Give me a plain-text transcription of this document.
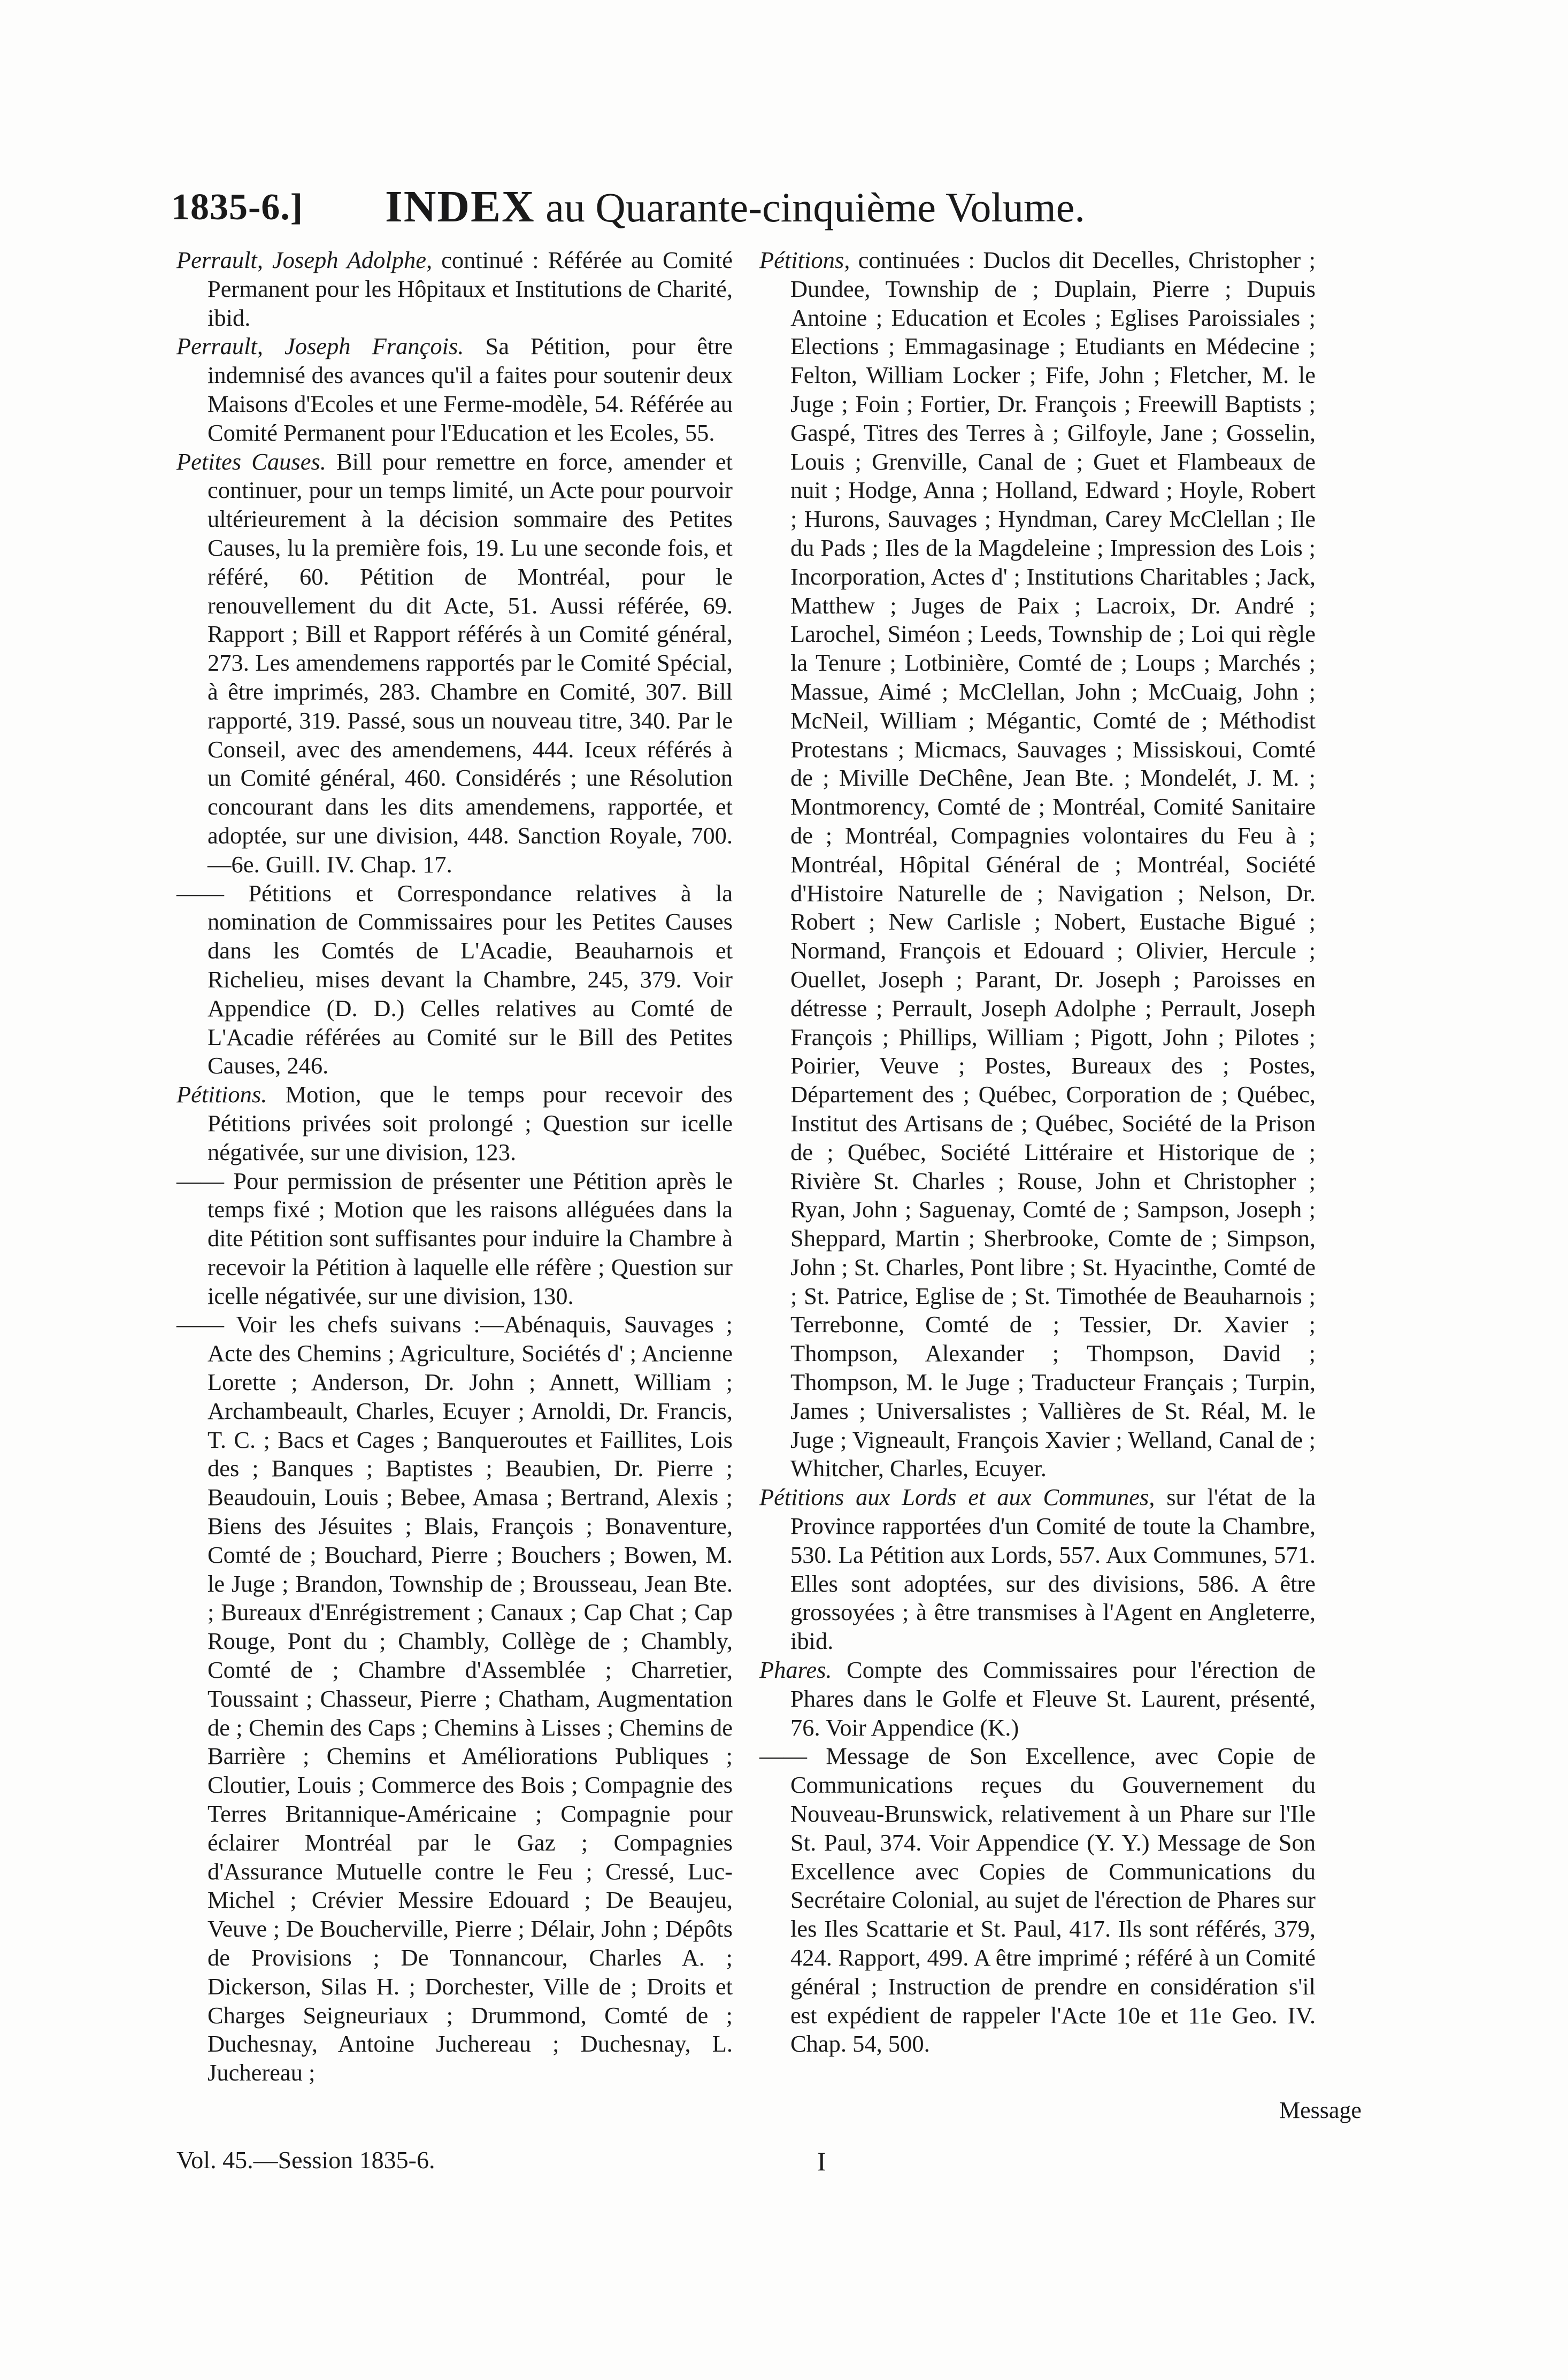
1835-6.] INDEX au Quarante-cinquième Volume.

Perrault, Joseph Adolphe, continué : Référée au Comité Permanent pour les Hôpitaux et Institutions de Charité, ibid.

Perrault, Joseph François. Sa Pétition, pour être indemnisé des avances qu'il a faites pour soutenir deux Maisons d'Ecoles et une Ferme-modèle, 54. Référée au Comité Permanent pour l'Education et les Ecoles, 55.

Petites Causes. Bill pour remettre en force, amender et continuer, pour un temps limité, un Acte pour pourvoir ultérieurement à la décision sommaire des Petites Causes, lu la première fois, 19. Lu une seconde fois, et référé, 60. Pétition de Montréal, pour le renouvellement du dit Acte, 51. Aussi référée, 69. Rapport ; Bill et Rapport référés à un Comité général, 273. Les amendemens rapportés par le Comité Spécial, à être imprimés, 283. Chambre en Comité, 307. Bill rapporté, 319. Passé, sous un nouveau titre, 340. Par le Conseil, avec des amendemens, 444. Iceux référés à un Comité général, 460. Considérés ; une Résolution concourant dans les dits amendemens, rapportée, et adoptée, sur une division, 448. Sanction Royale, 700.—6e. Guill. IV. Chap. 17.

—— Pétitions et Correspondance relatives à la nomination de Commissaires pour les Petites Causes dans les Comtés de L'Acadie, Beauharnois et Richelieu, mises devant la Chambre, 245, 379. Voir Appendice (D. D.) Celles relatives au Comté de L'Acadie référées au Comité sur le Bill des Petites Causes, 246.

Pétitions. Motion, que le temps pour recevoir des Pétitions privées soit prolongé ; Question sur icelle négativée, sur une division, 123.

—— Pour permission de présenter une Pétition après le temps fixé ; Motion que les raisons alléguées dans la dite Pétition sont suffisantes pour induire la Chambre à recevoir la Pétition à laquelle elle réfère ; Question sur icelle négativée, sur une division, 130.

—— Voir les chefs suivans :—Abénaquis, Sauvages ; Acte des Chemins ; Agriculture, Sociétés d' ; Ancienne Lorette ; Anderson, Dr. John ; Annett, William ; Archambeault, Charles, Ecuyer ; Arnoldi, Dr. Francis, T. C. ; Bacs et Cages ; Banqueroutes et Faillites, Lois des ; Banques ; Baptistes ; Beaubien, Dr. Pierre ; Beaudouin, Louis ; Bebee, Amasa ; Bertrand, Alexis ; Biens des Jésuites ; Blais, François ; Bonaventure, Comté de ; Bouchard, Pierre ; Bouchers ; Bowen, M. le Juge ; Brandon, Township de ; Brousseau, Jean Bte. ; Bureaux d'Enrégistrement ; Canaux ; Cap Chat ; Cap Rouge, Pont du ; Chambly, Collège de ; Chambly, Comté de ; Chambre d'Assemblée ; Charretier, Toussaint ; Chasseur, Pierre ; Chatham, Augmentation de ; Chemin des Caps ; Chemins à Lisses ; Chemins de Barrière ; Chemins et Améliorations Publiques ; Cloutier, Louis ; Commerce des Bois ; Compagnie des Terres Britannique-Américaine ; Compagnie pour éclairer Montréal par le Gaz ; Compagnies d'Assurance Mutuelle contre le Feu ; Cressé, Luc-Michel ; Crévier Messire Edouard ; De Beaujeu, Veuve ; De Boucherville, Pierre ; Délair, John ; Dépôts de Provisions ; De Tonnancour, Charles A. ; Dickerson, Silas H. ; Dorchester, Ville de ; Droits et Charges Seigneuriaux ; Drummond, Comté de ; Duchesnay, Antoine Juchereau ; Duchesnay, L. Juchereau ;

Pétitions, continuées : Duclos dit Decelles, Christopher ; Dundee, Township de ; Duplain, Pierre ; Dupuis Antoine ; Education et Ecoles ; Eglises Paroissiales ; Elections ; Emmagasinage ; Etudiants en Médecine ; Felton, William Locker ; Fife, John ; Fletcher, M. le Juge ; Foin ; Fortier, Dr. François ; Freewill Baptists ; Gaspé, Titres des Terres à ; Gilfoyle, Jane ; Gosselin, Louis ; Grenville, Canal de ; Guet et Flambeaux de nuit ; Hodge, Anna ; Holland, Edward ; Hoyle, Robert ; Hurons, Sauvages ; Hyndman, Carey McClellan ; Ile du Pads ; Iles de la Magdeleine ; Impression des Lois ; Incorporation, Actes d' ; Institutions Charitables ; Jack, Matthew ; Juges de Paix ; Lacroix, Dr. André ; Larochel, Siméon ; Leeds, Township de ; Loi qui règle la Tenure ; Lotbinière, Comté de ; Loups ; Marchés ; Massue, Aimé ; McClellan, John ; McCuaig, John ; McNeil, William ; Mégantic, Comté de ; Méthodist Protestans ; Micmacs, Sauvages ; Missiskoui, Comté de ; Miville DeChêne, Jean Bte. ; Mondelét, J. M. ; Montmorency, Comté de ; Montréal, Comité Sanitaire de ; Montréal, Compagnies volontaires du Feu à ; Montréal, Hôpital Général de ; Montréal, Société d'Histoire Naturelle de ; Navigation ; Nelson, Dr. Robert ; New Carlisle ; Nobert, Eustache Bigué ; Normand, François et Edouard ; Olivier, Hercule ; Ouellet, Joseph ; Parant, Dr. Joseph ; Paroisses en détresse ; Perrault, Joseph Adolphe ; Perrault, Joseph François ; Phillips, William ; Pigott, John ; Pilotes ; Poirier, Veuve ; Postes, Bureaux des ; Postes, Département des ; Québec, Corporation de ; Québec, Institut des Artisans de ; Québec, Société de la Prison de ; Québec, Société Littéraire et Historique de ; Rivière St. Charles ; Rouse, John et Christopher ; Ryan, John ; Saguenay, Comté de ; Sampson, Joseph ; Sheppard, Martin ; Sherbrooke, Comte de ; Simpson, John ; St. Charles, Pont libre ; St. Hyacinthe, Comté de ; St. Patrice, Eglise de ; St. Timothée de Beauharnois ; Terrebonne, Comté de ; Tessier, Dr. Xavier ; Thompson, Alexander ; Thompson, David ; Thompson, M. le Juge ; Traducteur Français ; Turpin, James ; Universalistes ; Vallières de St. Réal, M. le Juge ; Vigneault, François Xavier ; Welland, Canal de ; Whitcher, Charles, Ecuyer.

Pétitions aux Lords et aux Communes, sur l'état de la Province rapportées d'un Comité de toute la Chambre, 530. La Pétition aux Lords, 557. Aux Communes, 571. Elles sont adoptées, sur des divisions, 586. A être grossoyées ; à être transmises à l'Agent en Angleterre, ibid.

Phares. Compte des Commissaires pour l'érection de Phares dans le Golfe et Fleuve St. Laurent, présenté, 76. Voir Appendice (K.)

—— Message de Son Excellence, avec Copie de Communications reçues du Gouvernement du Nouveau-Brunswick, relativement à un Phare sur l'Ile St. Paul, 374. Voir Appendice (Y. Y.) Message de Son Excellence avec Copies de Communications du Secrétaire Colonial, au sujet de l'érection de Phares sur les Iles Scattarie et St. Paul, 417. Ils sont référés, 379, 424. Rapport, 499. A être imprimé ; référé à un Comité général ; Instruction de prendre en considération s'il est expédient de rappeler l'Acte 10e et 11e Geo. IV. Chap. 54, 500.

Message
Vol. 45.—Session 1835-6.	I
